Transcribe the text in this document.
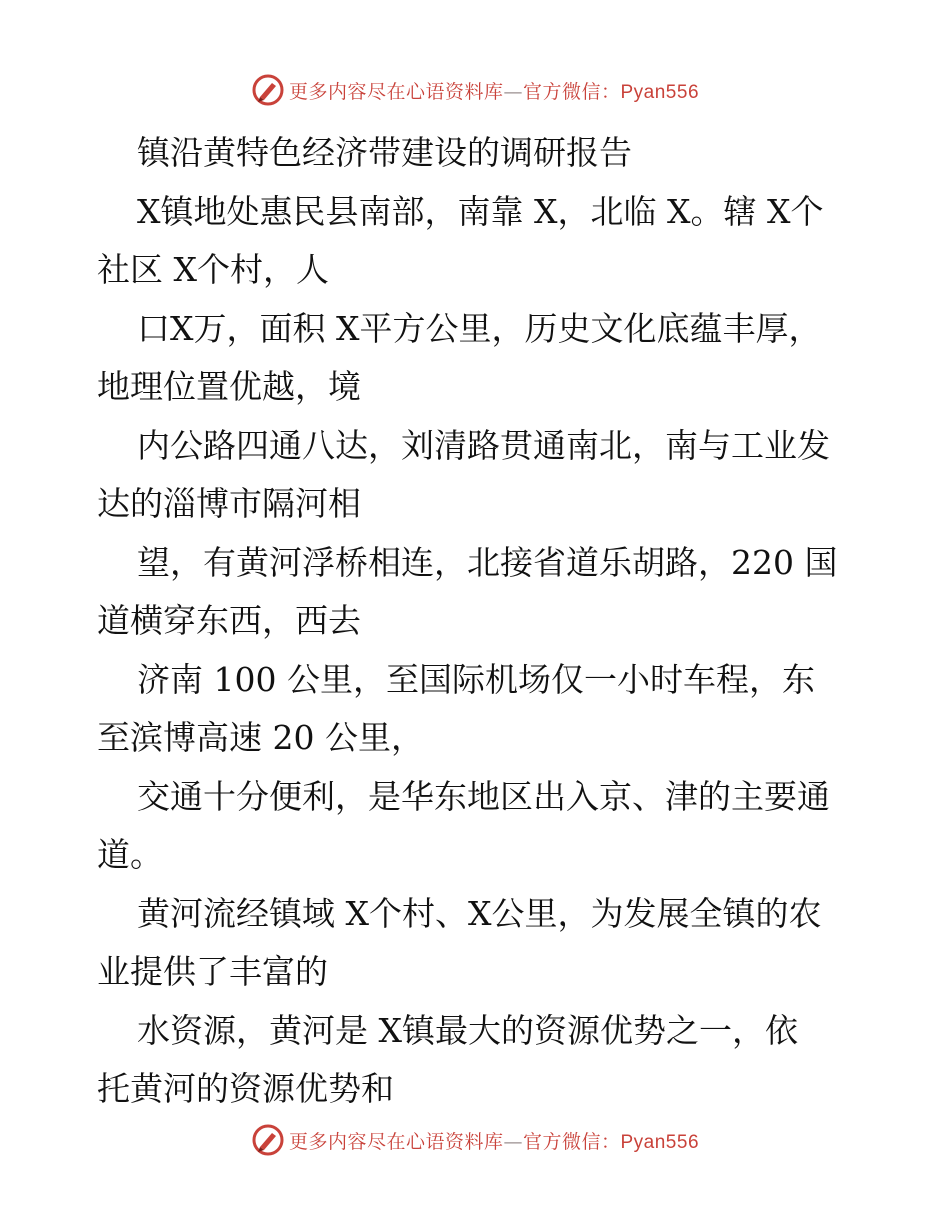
更多内容尽在心语资料库—官方微信：Pyan556
镇沿黄特色经济带建设的调研报告
X镇地处惠民县南部，南靠 X，北临 X。辖 X个
社区 X个村，人
口X万，面积 X平方公里，历史文化底蕴丰厚，
地理位置优越，境
内公路四通八达，刘清路贯通南北，南与工业发
达的淄博市隔河相
望，有黄河浮桥相连，北接省道乐胡路，220 国
道横穿东西，西去
济南 100 公里，至国际机场仅一小时车程，东
至滨博高速 20 公里，
交通十分便利，是华东地区出入京、津的主要通
道。
黄河流经镇域 X个村、X公里，为发展全镇的农
业提供了丰富的
水资源，黄河是 X镇最大的资源优势之一，依
托黄河的资源优势和
更多内容尽在心语资料库—官方微信：Pyan556
